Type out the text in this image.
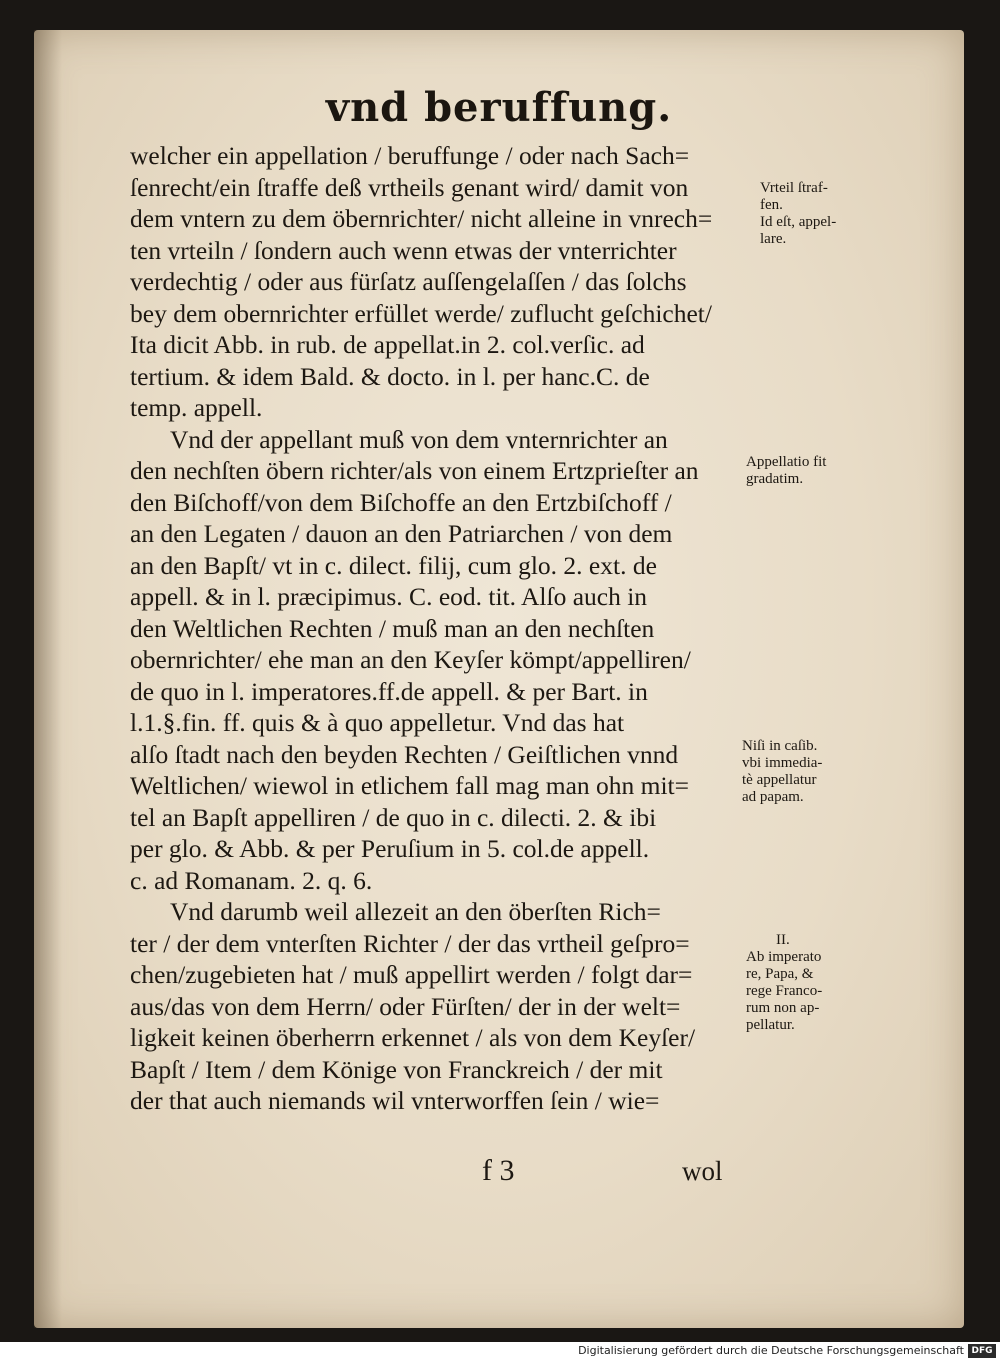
vnd beruffung.
welcher ein appellation / beruffunge / oder nach Sach=
ſenrecht/ein ſtraffe deß vrtheils genant wird/ damit von
dem vntern zu dem öbernrichter/ nicht alleine in vnrech=
ten vrteiln / ſondern auch wenn etwas der vnterrichter
verdechtig / oder aus fürſatz auſſengelaſſen / das ſolchs
bey dem obernrichter erfüllet werde/ zuflucht geſchichet/
Ita dicit Abb. in rub. de appellat.in 2. col.verſic. ad
tertium. & idem Bald. & docto. in l. per hanc.C. de
temp. appell.
Vnd der appellant muß von dem vnternrichter an
den nechſten öbern richter/als von einem Ertzprieſter an
den Biſchoff/von dem Biſchoffe an den Ertzbiſchoff /
an den Legaten / dauon an den Patriarchen / von dem
an den Bapſt/ vt in c. dilect. filij, cum glo. 2. ext. de
appell. & in l. præcipimus. C. eod. tit. Alſo auch in
den Weltlichen Rechten / muß man an den nechſten
obernrichter/ ehe man an den Keyſer kömpt/appelliren/
de quo in l. imperatores.ff.de appell. & per Bart. in
l.1.§.fin. ff. quis & à quo appelletur. Vnd das hat
alſo ſtadt nach den beyden Rechten / Geiſtlichen vnnd
Weltlichen/ wiewol in etlichem fall mag man ohn mit=
tel an Bapſt appelliren / de quo in c. dilecti. 2. & ibi
per glo. & Abb. & per Peruſium in 5. col.de appell.
c. ad Romanam. 2. q. 6.
Vnd darumb weil allezeit an den öberſten Rich=
ter / der dem vnterſten Richter / der das vrtheil geſpro=
chen/zugebieten hat / muß appellirt werden / folgt dar=
aus/das von dem Herrn/ oder Fürſten/ der in der welt=
ligkeit keinen öberherrn erkennet / als von dem Keyſer/
Bapſt / Item / dem Könige von Franckreich / der mit
der that auch niemands wil vnterworffen ſein / wie=
Vrteil ſtraf-
fen.
Id eſt, appel-
lare.
Appellatio fit
gradatim.
Niſi in caſib.
vbi immedia-
tè appellatur
ad papam.
II.
Ab imperato
re, Papa, &
rege Franco-
rum non ap-
pellatur.
f 3	wol
Digitalisierung gefördert durch die Deutsche Forschungsgemeinschaft DFG
